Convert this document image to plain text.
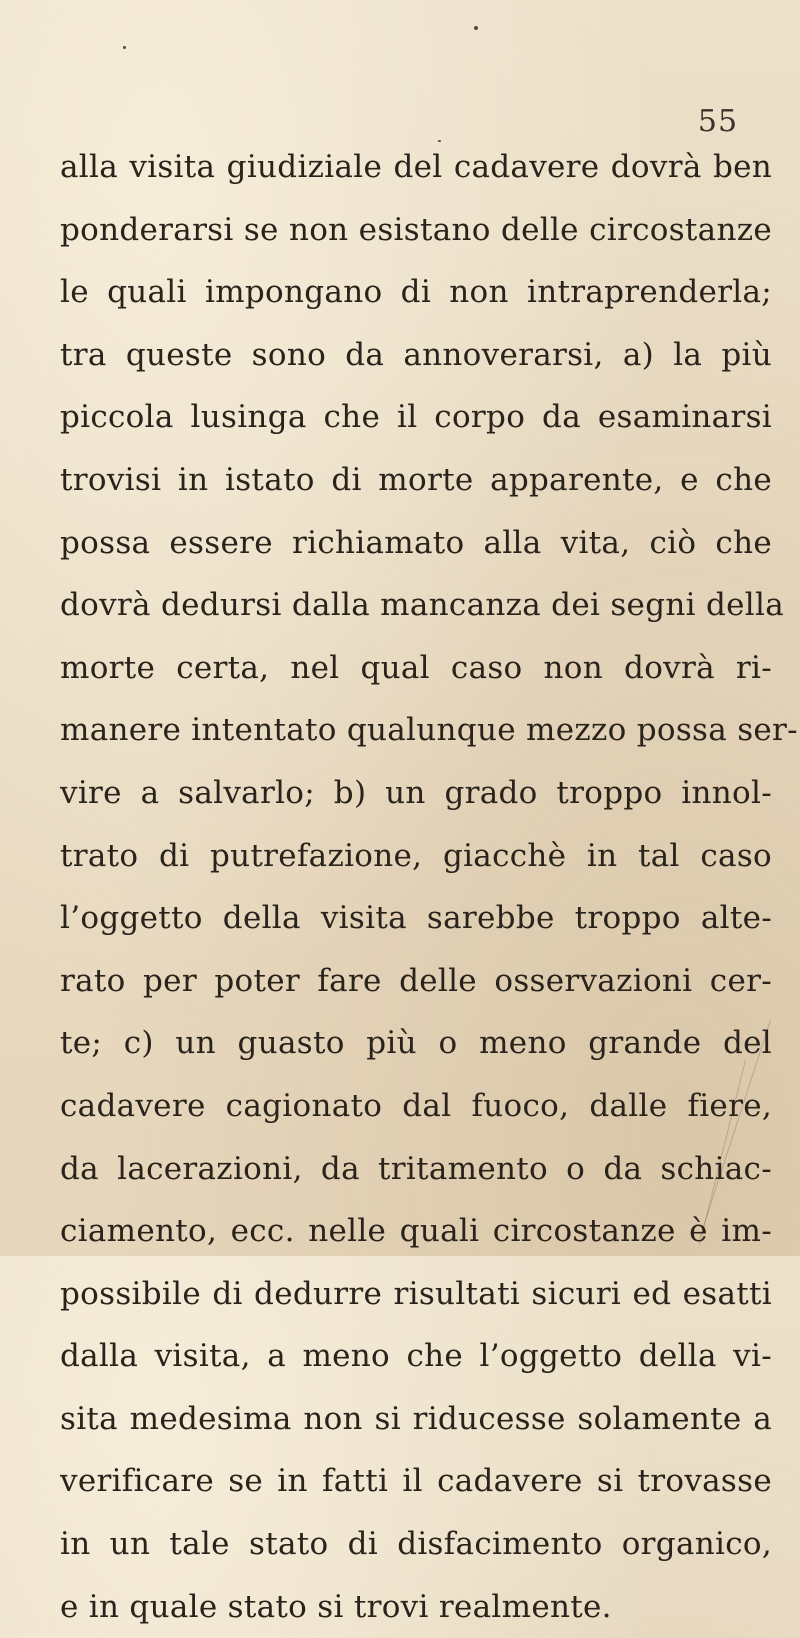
55
alla visita giudiziale del cadavere dovrà ben
ponderarsi se non esistano delle circostanze
le quali impongano di non intraprenderla;
tra queste sono da annoverarsi, a) la più
piccola lusinga che il corpo da esaminarsi
trovisi in istato di morte apparente, e che
possa essere richiamato alla vita, ciò che
dovrà dedursi dalla mancanza dei segni della
morte certa, nel qual caso non dovrà ri-
manere intentato qualunque mezzo possa ser-
vire a salvarlo; b) un grado troppo innol-
trato di putrefazione, giacchè in tal caso
l’oggetto della visita sarebbe troppo alte-
rato per poter fare delle osservazioni cer-
te; c) un guasto più o meno grande del
cadavere cagionato dal fuoco, dalle fiere,
da lacerazioni, da tritamento o da schiac-
ciamento, ecc. nelle quali circostanze è im-
possibile di dedurre risultati sicuri ed esatti
dalla visita, a meno che l’oggetto della vi-
sita medesima non si riducesse solamente a
verificare se in fatti il cadavere si trovasse
in un tale stato di disfacimento organico,
e in quale stato si trovi realmente.
